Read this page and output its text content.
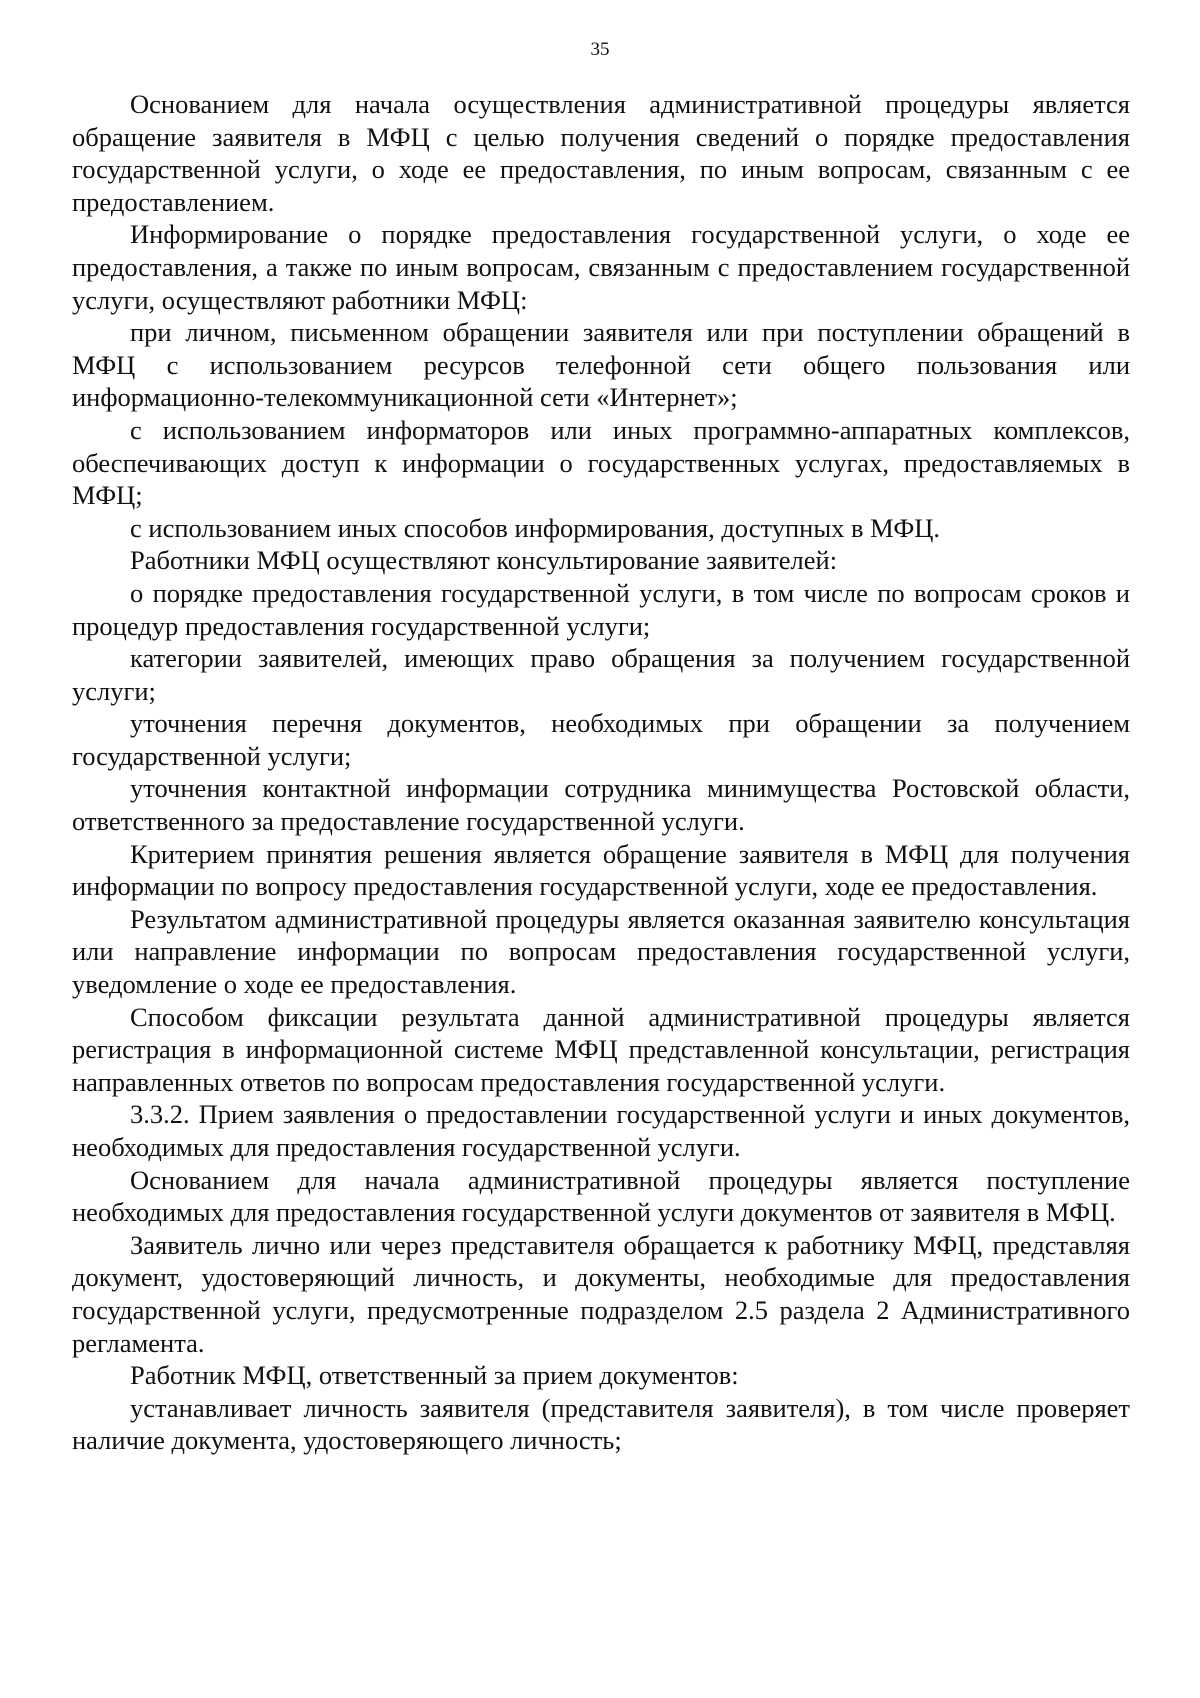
35

Основанием для начала осуществления административной процедуры является обращение заявителя в МФЦ с целью получения сведений о порядке предоставления государственной услуги, о ходе ее предоставления, по иным вопросам, связанным с ее предоставлением.

Информирование о порядке предоставления государственной услуги, о ходе ее предоставления, а также по иным вопросам, связанным с предоставлением государственной услуги, осуществляют работники МФЦ:

при личном, письменном обращении заявителя или при поступлении обращений в МФЦ с использованием ресурсов телефонной сети общего пользования или информационно-телекоммуникационной сети «Интернет»;

с использованием информаторов или иных программно-аппаратных комплексов, обеспечивающих доступ к информации о государственных услугах, предоставляемых в МФЦ;

с использованием иных способов информирования, доступных в МФЦ.

Работники МФЦ осуществляют консультирование заявителей:

о порядке предоставления государственной услуги, в том числе по вопросам сроков и процедур предоставления государственной услуги;

категории заявителей, имеющих право обращения за получением государственной услуги;

уточнения перечня документов, необходимых при обращении за получением государственной услуги;

уточнения контактной информации сотрудника минимущества Ростовской области, ответственного за предоставление государственной услуги.

Критерием принятия решения является обращение заявителя в МФЦ для получения информации по вопросу предоставления государственной услуги, ходе ее предоставления.

Результатом административной процедуры является оказанная заявителю консультация или направление информации по вопросам предоставления государственной услуги, уведомление о ходе ее предоставления.

Способом фиксации результата данной административной процедуры является регистрация в информационной системе МФЦ представленной консультации, регистрация направленных ответов по вопросам предоставления государственной услуги.

3.3.2. Прием заявления о предоставлении государственной услуги и иных документов, необходимых для предоставления государственной услуги.

Основанием для начала административной процедуры является поступление необходимых для предоставления государственной услуги документов от заявителя в МФЦ.

Заявитель лично или через представителя обращается к работнику МФЦ, представляя документ, удостоверяющий личность, и документы, необходимые для предоставления государственной услуги, предусмотренные подразделом 2.5 раздела 2 Административного регламента.

Работник МФЦ, ответственный за прием документов:

устанавливает личность заявителя (представителя заявителя), в том числе проверяет наличие документа, удостоверяющего личность;
